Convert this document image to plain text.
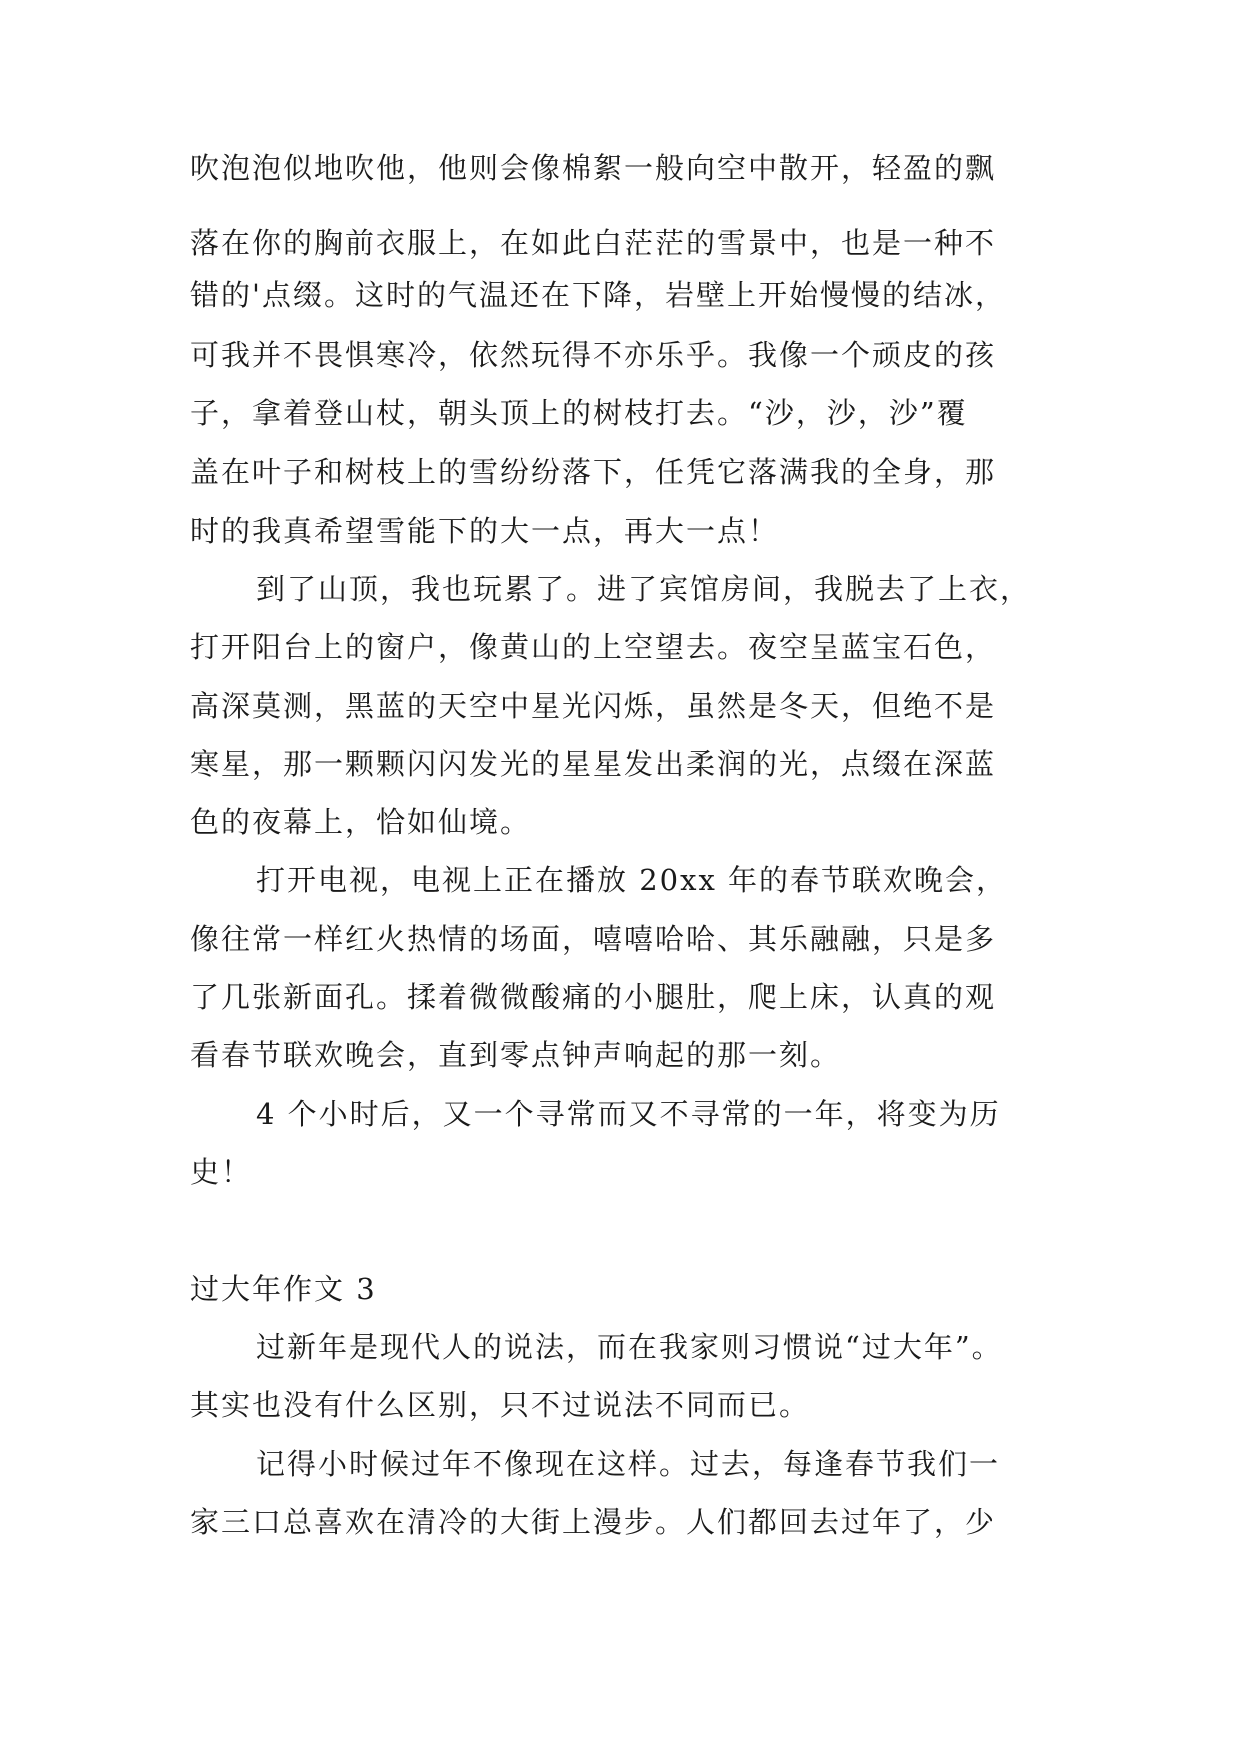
吹泡泡似地吹他，他则会像棉絮一般向空中散开，轻盈的飘
落在你的胸前衣服上，在如此白茫茫的雪景中，也是一种不
错的'点缀。这时的气温还在下降，岩壁上开始慢慢的结冰，
可我并不畏惧寒冷，依然玩得不亦乐乎。我像一个顽皮的孩
子，拿着登山杖，朝头顶上的树枝打去。“沙，沙，沙”覆
盖在叶子和树枝上的雪纷纷落下，任凭它落满我的全身，那
时的我真希望雪能下的大一点，再大一点！
到了山顶，我也玩累了。进了宾馆房间，我脱去了上衣，
打开阳台上的窗户，像黄山的上空望去。夜空呈蓝宝石色，
高深莫测，黑蓝的天空中星光闪烁，虽然是冬天，但绝不是
寒星，那一颗颗闪闪发光的星星发出柔润的光，点缀在深蓝
色的夜幕上，恰如仙境。
打开电视，电视上正在播放 20xx 年的春节联欢晚会，
像往常一样红火热情的场面，嘻嘻哈哈、其乐融融，只是多
了几张新面孔。揉着微微酸痛的小腿肚，爬上床，认真的观
看春节联欢晚会，直到零点钟声响起的那一刻。
4 个小时后，又一个寻常而又不寻常的一年，将变为历
史！
过大年作文 3
过新年是现代人的说法，而在我家则习惯说“过大年”。
其实也没有什么区别，只不过说法不同而已。
记得小时候过年不像现在这样。过去，每逢春节我们一
家三口总喜欢在清冷的大街上漫步。人们都回去过年了，少
